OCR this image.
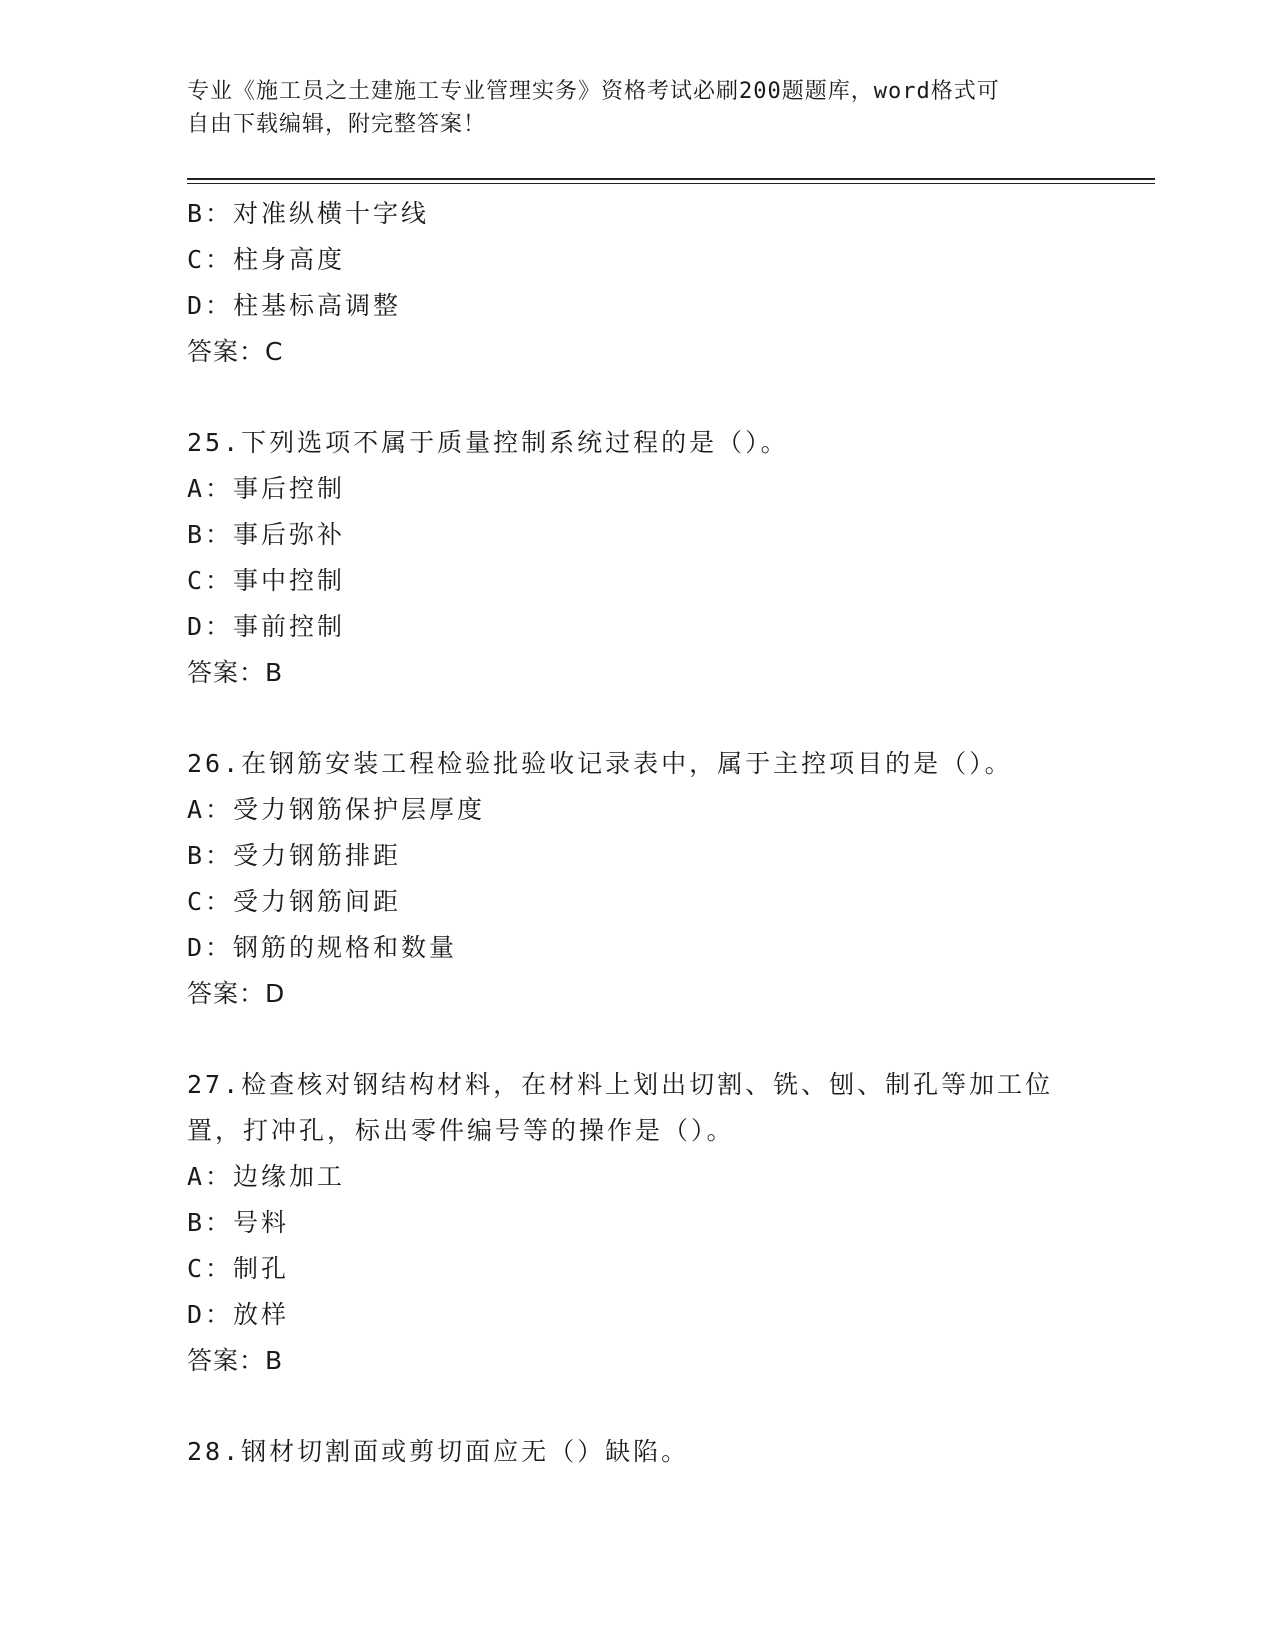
专业《施工员之土建施工专业管理实务》资格考试必刷200题题库，word格式可
自由下载编辑，附完整答案！
B：对准纵横十字线
C：柱身高度
D：柱基标高调整
答案：C
25.下列选项不属于质量控制系统过程的是（）。
A：事后控制
B：事后弥补
C：事中控制
D：事前控制
答案：B
26.在钢筋安装工程检验批验收记录表中，属于主控项目的是（）。
A：受力钢筋保护层厚度
B：受力钢筋排距
C：受力钢筋间距
D：钢筋的规格和数量
答案：D
27.检查核对钢结构材料，在材料上划出切割、铣、刨、制孔等加工位
置，打冲孔，标出零件编号等的操作是（）。
A：边缘加工
B：号料
C：制孔
D：放样
答案：B
28.钢材切割面或剪切面应无（）缺陷。
